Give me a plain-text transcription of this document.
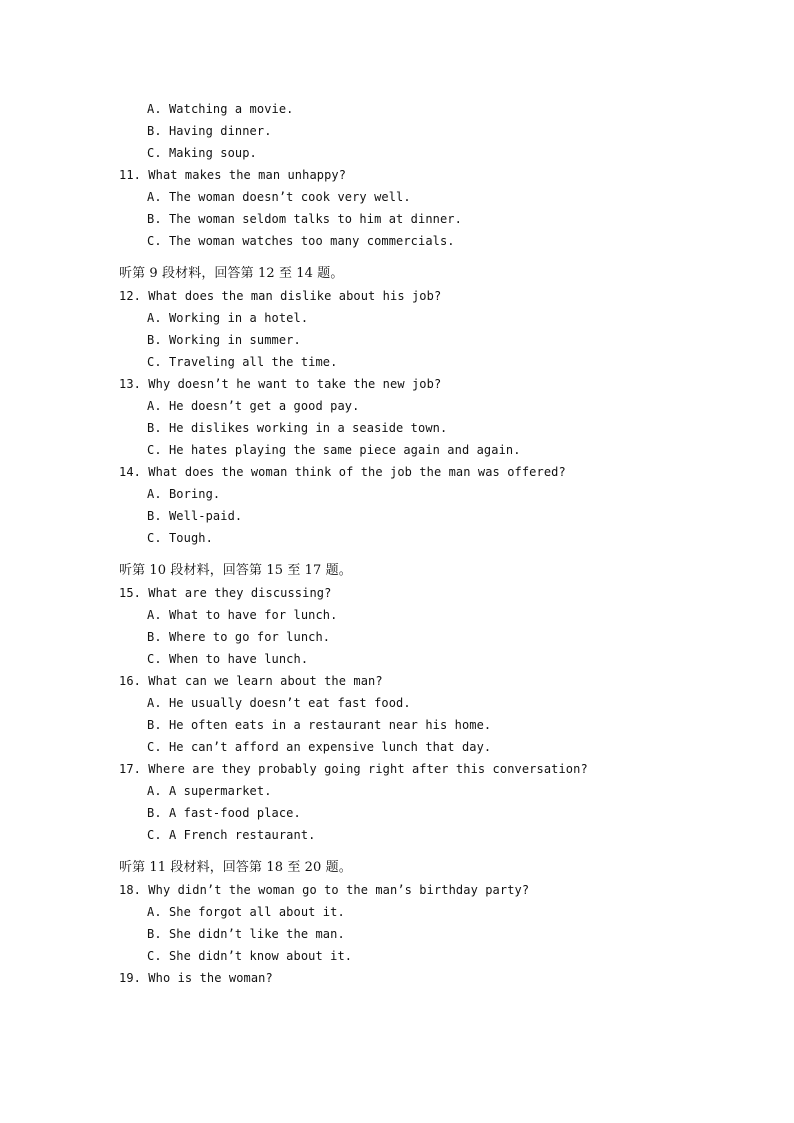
A. Watching a movie.
B. Having dinner.
C. Making soup.
11. What makes the man unhappy?
A. The woman doesn’t cook very well.
B. The woman seldom talks to him at dinner.
C. The woman watches too many commercials.
听第 9 段材料，回答第 12 至 14 题。
12. What does the man dislike about his job?
A. Working in a hotel.
B. Working in summer.
C. Traveling all the time.
13. Why doesn’t he want to take the new job?
A. He doesn’t get a good pay.
B. He dislikes working in a seaside town.
C. He hates playing the same piece again and again.
14. What does the woman think of the job the man was offered?
A. Boring.
B. Well-paid.
C. Tough.
听第 10 段材料，回答第 15 至 17 题。
15. What are they discussing?
A. What to have for lunch.
B. Where to go for lunch.
C. When to have lunch.
16. What can we learn about the man?
A. He usually doesn’t eat fast food.
B. He often eats in a restaurant near his home.
C. He can’t afford an expensive lunch that day.
17. Where are they probably going right after this conversation?
A. A supermarket.
B. A fast-food place.
C. A French restaurant.
听第 11 段材料，回答第 18 至 20 题。
18. Why didn’t the woman go to the man’s birthday party?
A. She forgot all about it.
B. She didn’t like the man.
C. She didn’t know about it.
19. Who is the woman?
